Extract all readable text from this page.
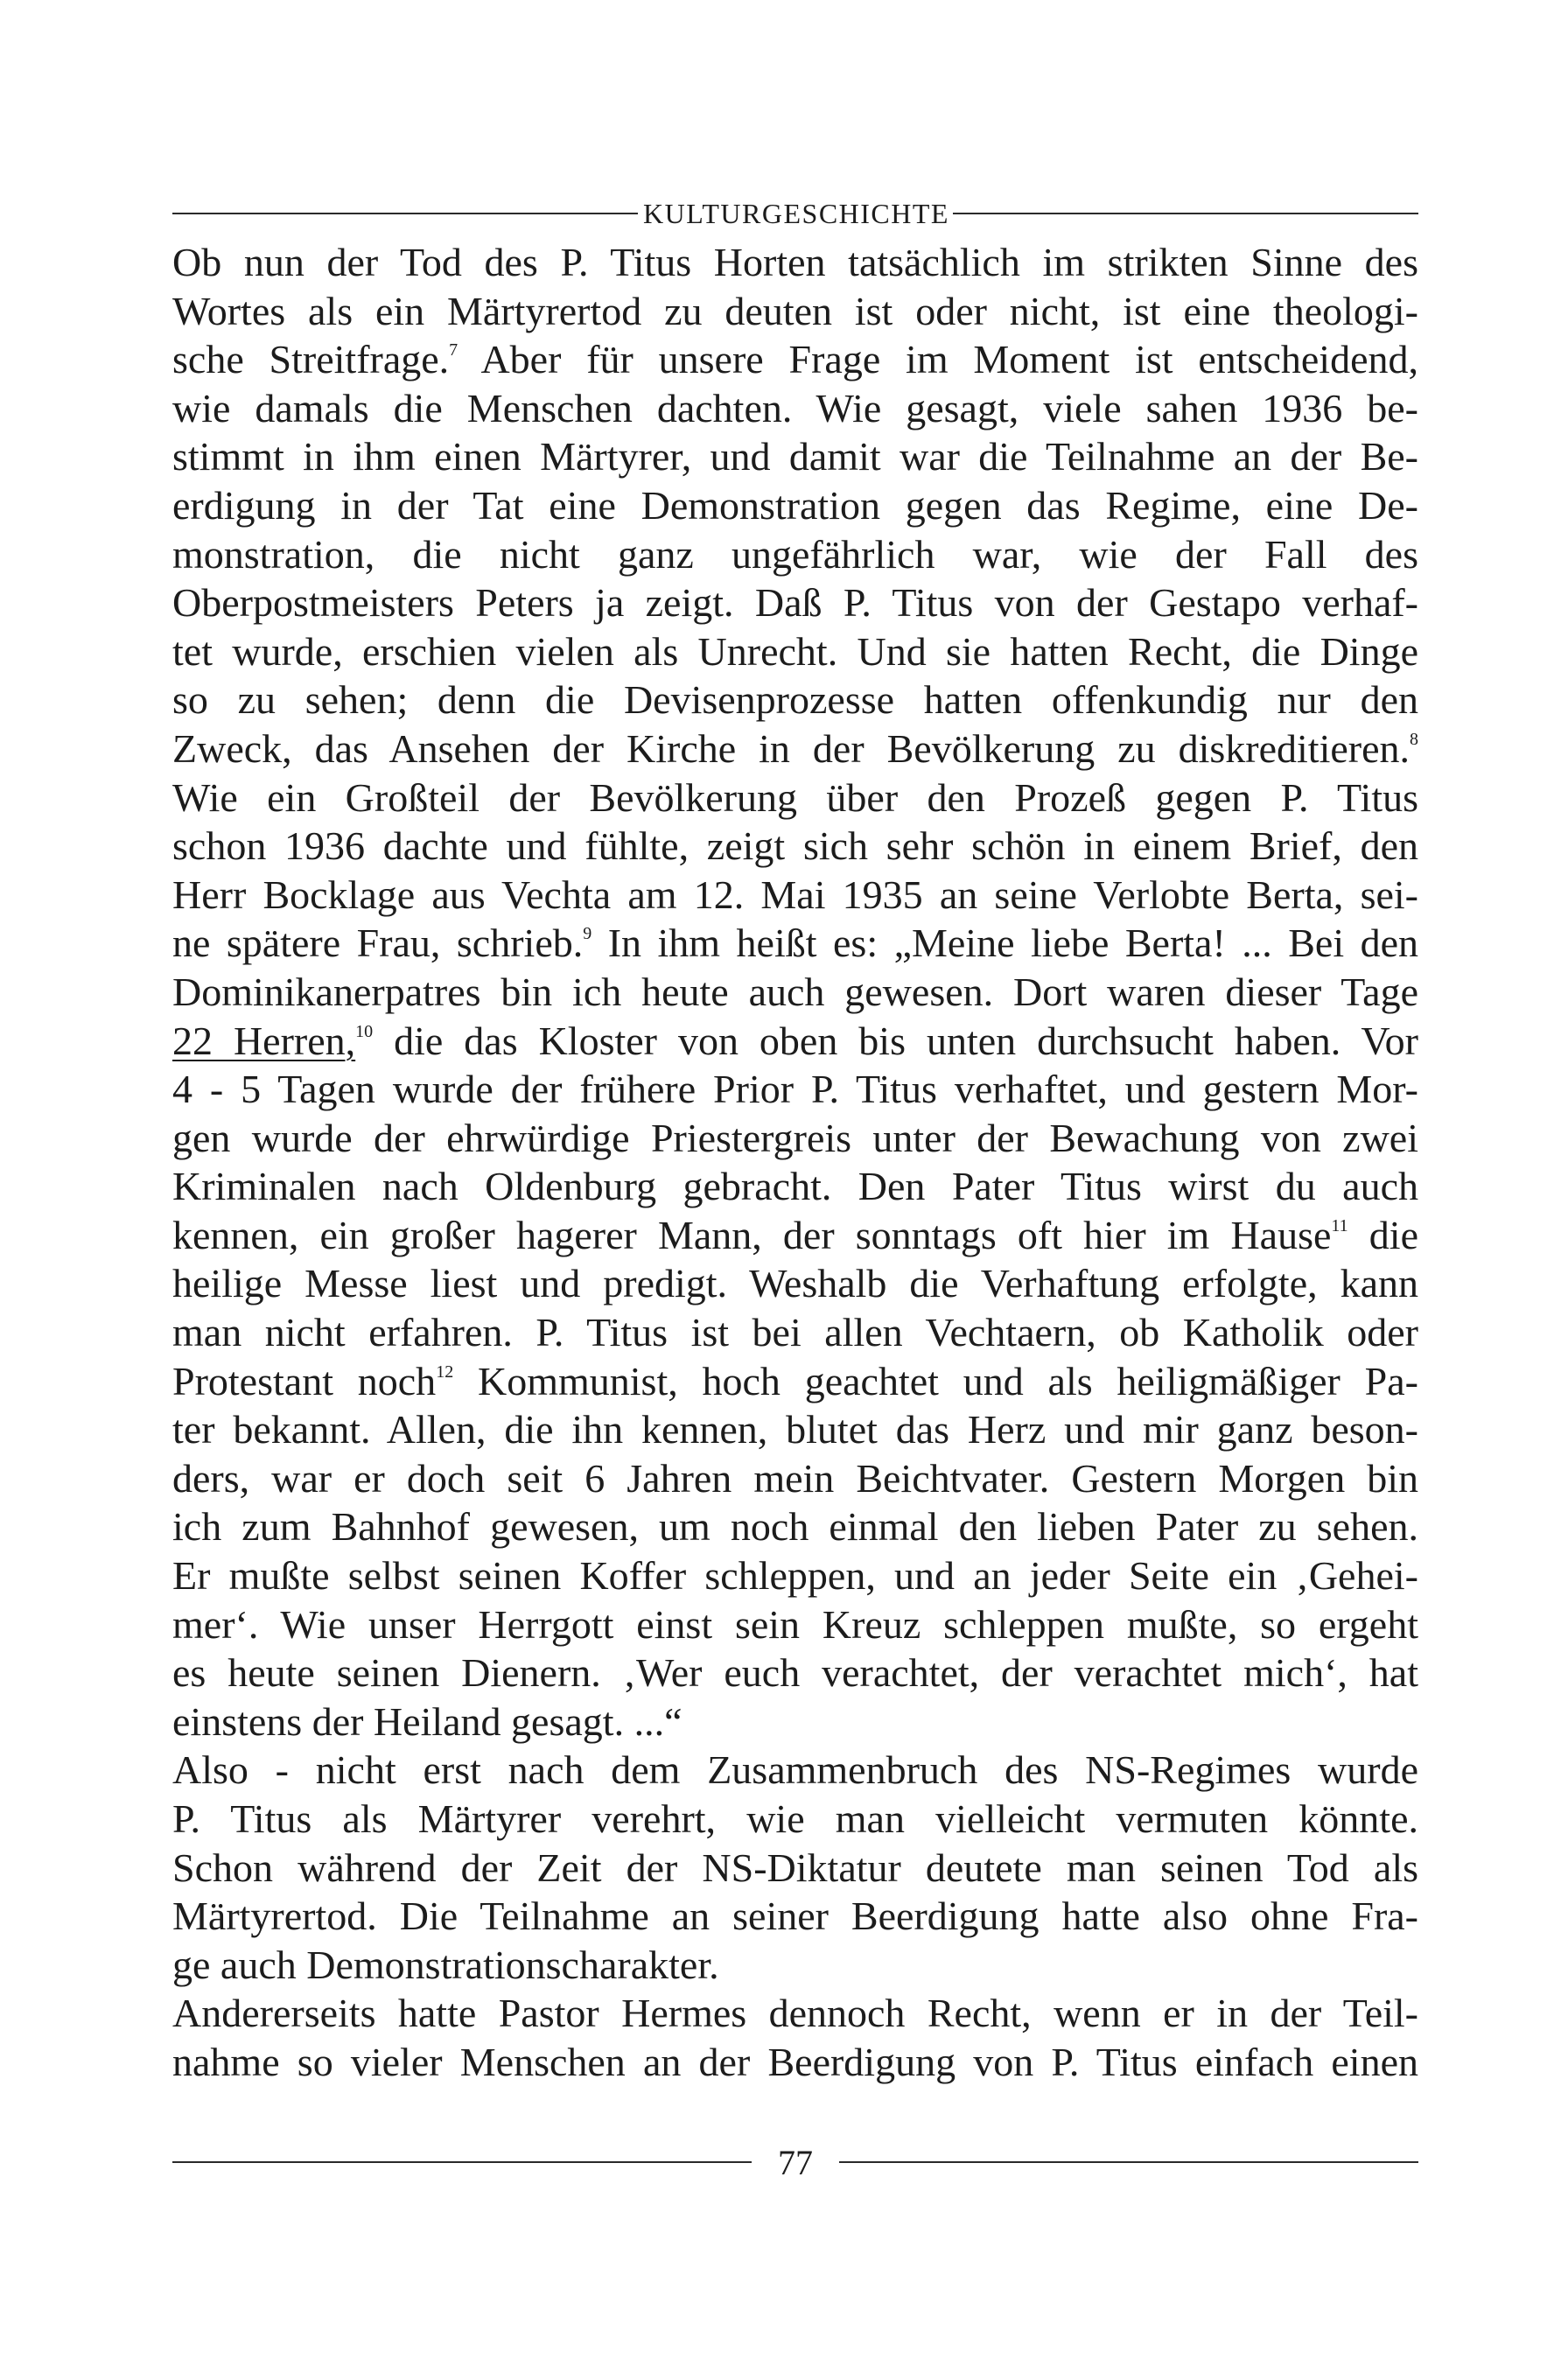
KULTURGESCHICHTE
Ob nun der Tod des P. Titus Horten tatsächlich im strikten Sinne des
Wortes als ein Märtyrertod zu deuten ist oder nicht, ist eine theologi-
sche Streitfrage.$^7$ Aber für unsere Frage im Moment ist entscheidend,
wie damals die Menschen dachten. Wie gesagt, viele sahen 1936 be-
stimmt in ihm einen Märtyrer, und damit war die Teilnahme an der Be-
erdigung in der Tat eine Demonstration gegen das Regime, eine De-
monstration, die nicht ganz ungefährlich war, wie der Fall des
Oberpostmeisters Peters ja zeigt. Daß P. Titus von der Gestapo verhaf-
tet wurde, erschien vielen als Unrecht. Und sie hatten Recht, die Dinge
so zu sehen; denn die Devisenprozesse hatten offenkundig nur den
Zweck, das Ansehen der Kirche in der Bevölkerung zu diskreditieren.$^8$
Wie ein Großteil der Bevölkerung über den Prozeß gegen P. Titus
schon 1936 dachte und fühlte, zeigt sich sehr schön in einem Brief, den
Herr Bocklage aus Vechta am 12. Mai 1935 an seine Verlobte Berta, sei-
ne spätere Frau, schrieb.$^9$ In ihm heißt es: „Meine liebe Berta! ... Bei den
Dominikanerpatres bin ich heute auch gewesen. Dort waren dieser Tage
22 Herren,$^{10}$ die das Kloster von oben bis unten durchsucht haben. Vor
4 - 5 Tagen wurde der frühere Prior P. Titus verhaftet, und gestern Mor-
gen wurde der ehrwürdige Priestergreis unter der Bewachung von zwei
Kriminalen nach Oldenburg gebracht. Den Pater Titus wirst du auch
kennen, ein großer hagerer Mann, der sonntags oft hier im Hause$^{11}$ die
heilige Messe liest und predigt. Weshalb die Verhaftung erfolgte, kann
man nicht erfahren. P. Titus ist bei allen Vechtaern, ob Katholik oder
Protestant noch$^{12}$ Kommunist, hoch geachtet und als heiligmäßiger Pa-
ter bekannt. Allen, die ihn kennen, blutet das Herz und mir ganz beson-
ders, war er doch seit 6 Jahren mein Beichtvater. Gestern Morgen bin
ich zum Bahnhof gewesen, um noch einmal den lieben Pater zu sehen.
Er mußte selbst seinen Koffer schleppen, und an jeder Seite ein ‚Gehei-
mer‘. Wie unser Herrgott einst sein Kreuz schleppen mußte, so ergeht
es heute seinen Dienern. ‚Wer euch verachtet, der verachtet mich‘, hat
einstens der Heiland gesagt. ...“
Also - nicht erst nach dem Zusammenbruch des NS-Regimes wurde
P. Titus als Märtyrer verehrt, wie man vielleicht vermuten könnte.
Schon während der Zeit der NS-Diktatur deutete man seinen Tod als
Märtyrertod. Die Teilnahme an seiner Beerdigung hatte also ohne Fra-
ge auch Demonstrationscharakter.
Andererseits hatte Pastor Hermes dennoch Recht, wenn er in der Teil-
nahme so vieler Menschen an der Beerdigung von P. Titus einfach einen
77
